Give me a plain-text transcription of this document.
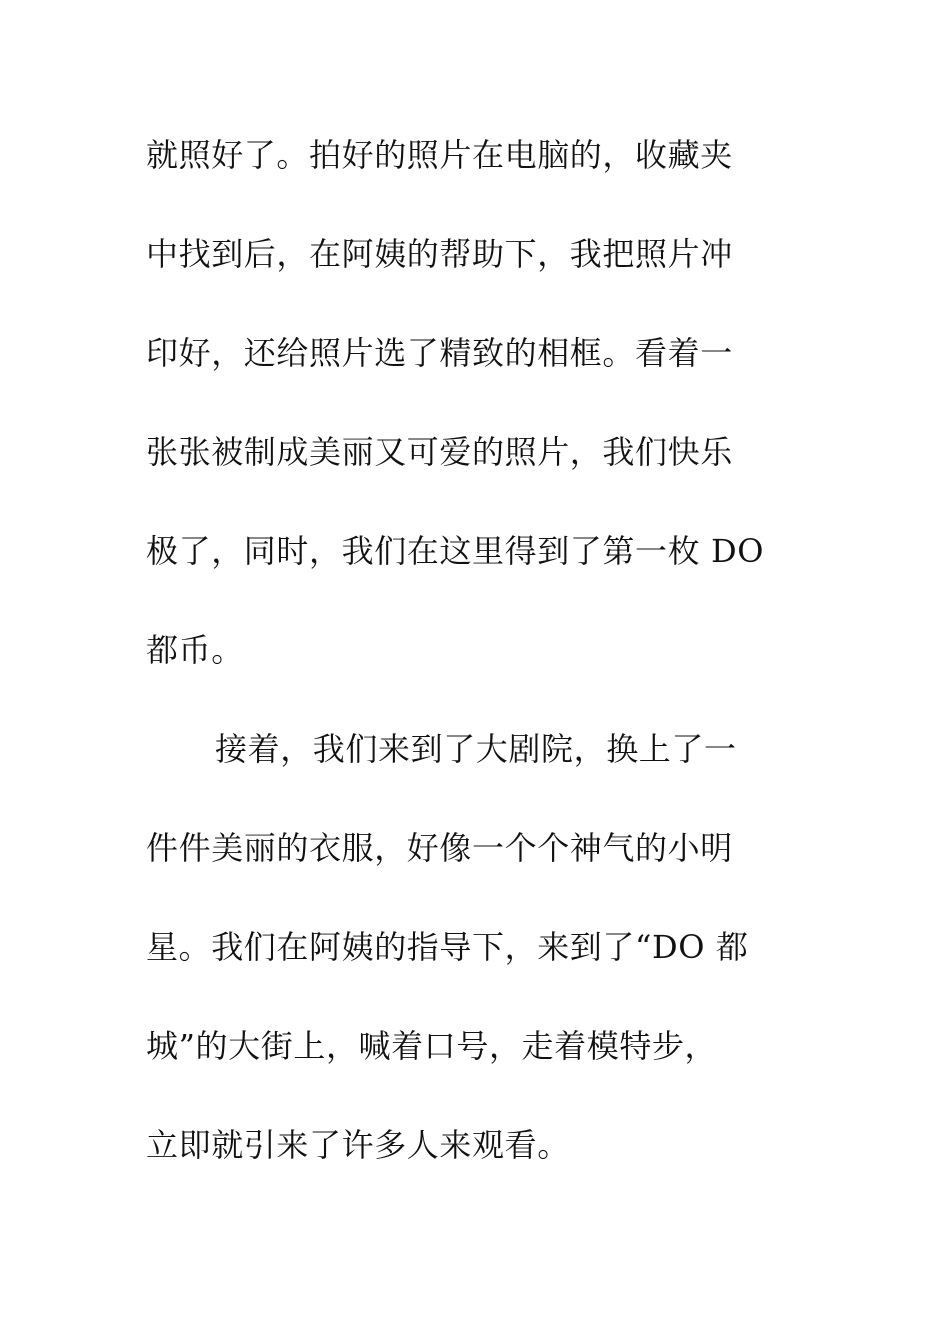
就照好了。拍好的照片在电脑的，收藏夹
中找到后，在阿姨的帮助下，我把照片冲
印好，还给照片选了精致的相框。看着一
张张被制成美丽又可爱的照片，我们快乐
极了，同时，我们在这里得到了第一枚 DO
都币。
接着，我们来到了大剧院，换上了一
件件美丽的衣服，好像一个个神气的小明
星。我们在阿姨的指导下，来到了“DO 都
城”的大街上，喊着口号，走着模特步，
立即就引来了许多人来观看。
